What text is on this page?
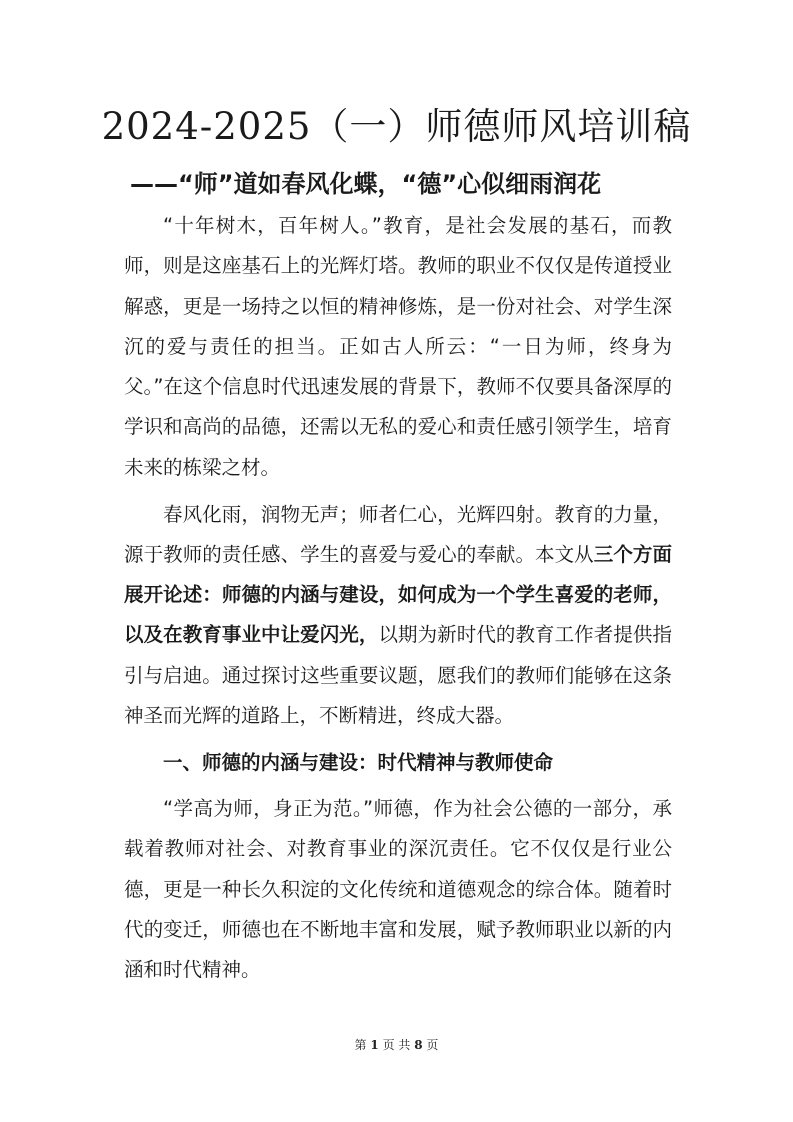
2024-2025（一）师德师风培训稿
——“师”道如春风化蝶，“德”心似细雨润花

“十年树木，百年树人。”教育，是社会发展的基石，而教师，则是这座基石上的光辉灯塔。教师的职业不仅仅是传道授业解惑，更是一场持之以恒的精神修炼，是一份对社会、对学生深沉的爱与责任的担当。正如古人所云：“一日为师，终身为父。”在这个信息时代迅速发展的背景下，教师不仅要具备深厚的学识和高尚的品德，还需以无私的爱心和责任感引领学生，培育未来的栋梁之材。

春风化雨，润物无声；师者仁心，光辉四射。教育的力量，源于教师的责任感、学生的喜爱与爱心的奉献。本文从三个方面展开论述：师德的内涵与建设，如何成为一个学生喜爱的老师，以及在教育事业中让爱闪光，以期为新时代的教育工作者提供指引与启迪。通过探讨这些重要议题，愿我们的教师们能够在这条神圣而光辉的道路上，不断精进，终成大器。

一、师德的内涵与建设：时代精神与教师使命

“学高为师，身正为范。”师德，作为社会公德的一部分，承载着教师对社会、对教育事业的深沉责任。它不仅仅是行业公德，更是一种长久积淀的文化传统和道德观念的综合体。随着时代的变迁，师德也在不断地丰富和发展，赋予教师职业以新的内涵和时代精神。

第 1 页 共 8 页
